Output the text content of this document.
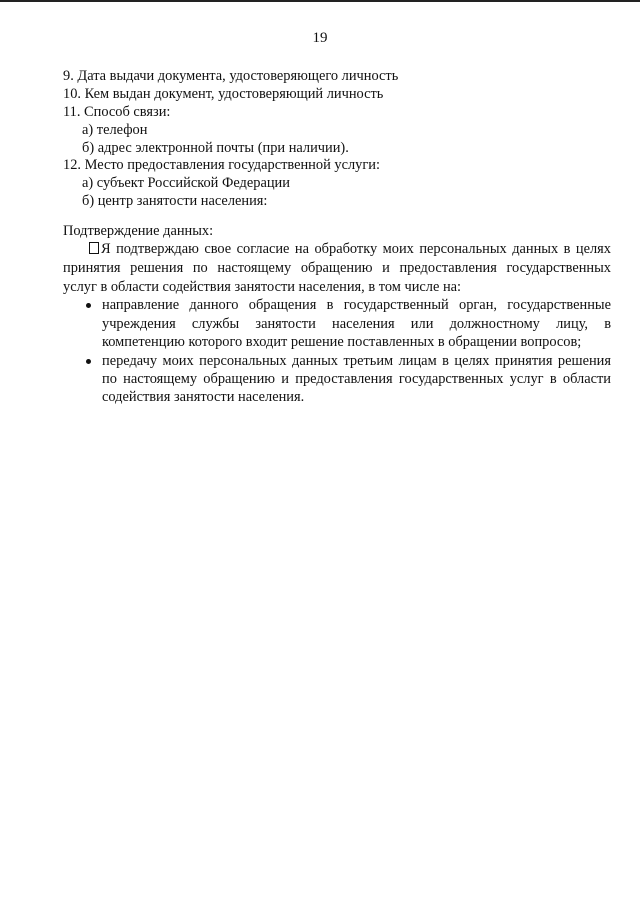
19
9. Дата выдачи документа, удостоверяющего личность
10. Кем выдан документ, удостоверяющий личность
11. Способ связи:
а) телефон
б) адрес электронной почты (при наличии).
12. Место предоставления государственной услуги:
а) субъект Российской Федерации
б) центр занятости населения:
Подтверждение данных:
Я подтверждаю свое согласие на обработку моих персональных данных в целях
принятия решения по настоящему обращению и предоставления государственных
услуг в области содействия занятости населения, в том числе на:
направление данного обращения в государственный орган, государственные
учреждения службы занятости населения или должностному лицу, в
компетенцию которого входит решение поставленных в обращении вопросов;
передачу моих персональных данных третьим лицам в целях принятия решения
по настоящему обращению и предоставления государственных услуг в области
содействия занятости населения.
